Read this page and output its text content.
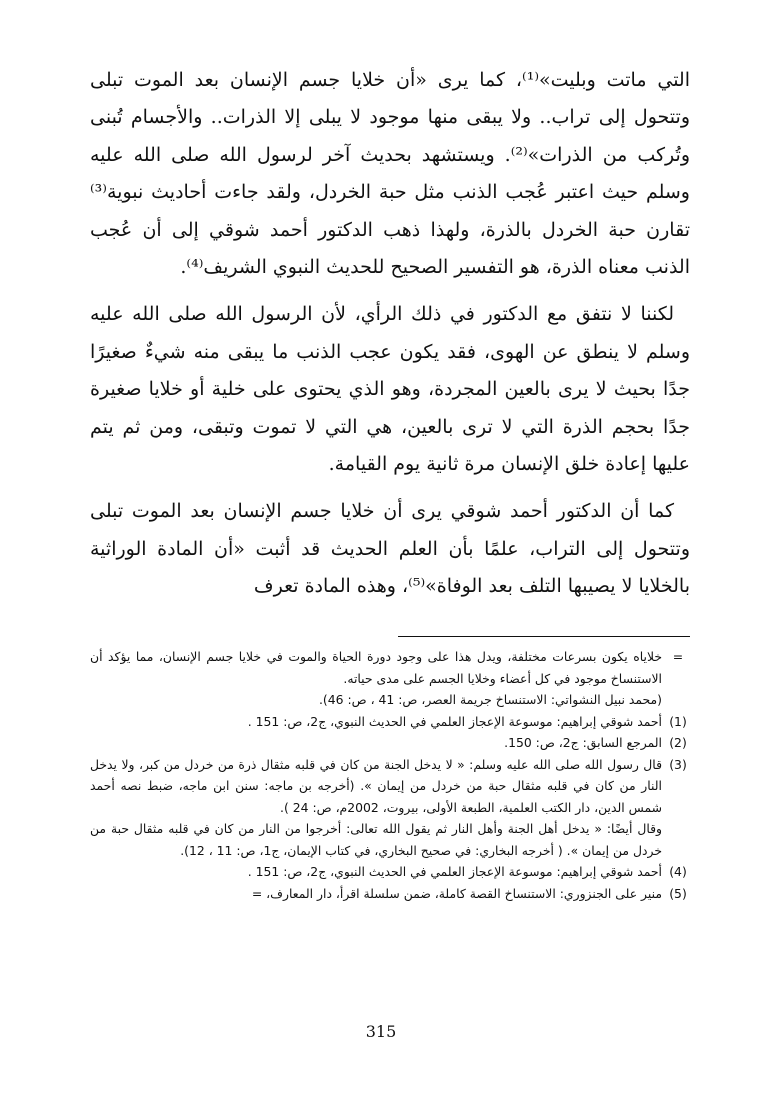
التي ماتت وبليت»⁽¹⁾، كما يرى «أن خلايا جسم الإنسان بعد الموت تبلى وتتحول إلى تراب.. ولا يبقى منها موجود لا يبلى إلا الذرات.. والأجسام تُبنى وتُركب من الذرات»⁽²⁾. ويستشهد بحديث آخر لرسول الله صلى الله عليه وسلم حيث اعتبر عُجب الذنب مثل حبة الخردل، ولقد جاءت أحاديث نبوية⁽³⁾ تقارن حبة الخردل بالذرة، ولهذا ذهب الدكتور أحمد شوقي إلى أن عُجب الذنب معناه الذرة، هو التفسير الصحيح للحديث النبوي الشريف⁽⁴⁾.

لكننا لا نتفق مع الدكتور في ذلك الرأي، لأن الرسول الله صلى الله عليه وسلم لا ينطق عن الهوى، فقد يكون عجب الذنب ما يبقى منه شيءٌ صغيرًا جدًا بحيث لا يرى بالعين المجردة، وهو الذي يحتوى على خلية أو خلايا صغيرة جدًا بحجم الذرة التي لا ترى بالعين، هي التي لا تموت وتبقى، ومن ثم يتم عليها إعادة خلق الإنسان مرة ثانية يوم القيامة.

كما أن الدكتور أحمد شوقي يرى أن خلايا جسم الإنسان بعد الموت تبلى وتتحول إلى التراب، علمًا بأن العلم الحديث قد أثبت «أن المادة الوراثية بالخلايا لا يصيبها التلف بعد الوفاة»⁽⁵⁾، وهذه المادة تعرف

=
خلاياه يكون بسرعات مختلفة، ويدل هذا على وجود دورة الحياة والموت في خلايا جسم الإنسان، مما يؤكد أن الاستنساخ موجود في كل أعضاء وخلايا الجسم على مدى حياته.
(محمد نبيل النشواتي: الاستنساخ جريمة العصر، ص: 41 ، ص: 46).
(1)
أحمد شوقي إبراهيم: موسوعة الإعجاز العلمي في الحديث النبوي، ج2، ص: 151 .
(2)
المرجع السابق: ج2، ص: 150.
(3)
قال رسول الله صلى الله عليه وسلم: « لا يدخل الجنة من كان في قلبه مثقال ذرة من خردل من كبر، ولا يدخل النار من كان في قلبه مثقال حبة من خردل من إيمان ». (أخرجه بن ماجه: سنن ابن ماجه، ضبط نصه أحمد شمس الدين، دار الكتب العلمية، الطبعة الأولى، بيروت، 2002م، ص: 24 ).
وقال أيضًا: « يدخل أهل الجنة وأهل النار ثم يقول الله تعالى: أخرجوا من النار من كان في قلبه مثقال حبة من خردل من إيمان ». ( أخرجه البخاري: في صحيح البخاري، في كتاب الإيمان، ج1، ص: 11 ، 12).
(4)
أحمد شوقي إبراهيم: موسوعة الإعجاز العلمي في الحديث النبوي، ج2، ص: 151 .
(5)
منير على الجنزوري: الاستنساخ القصة كاملة، ضمن سلسلة اقرأ، دار المعارف، =
315
